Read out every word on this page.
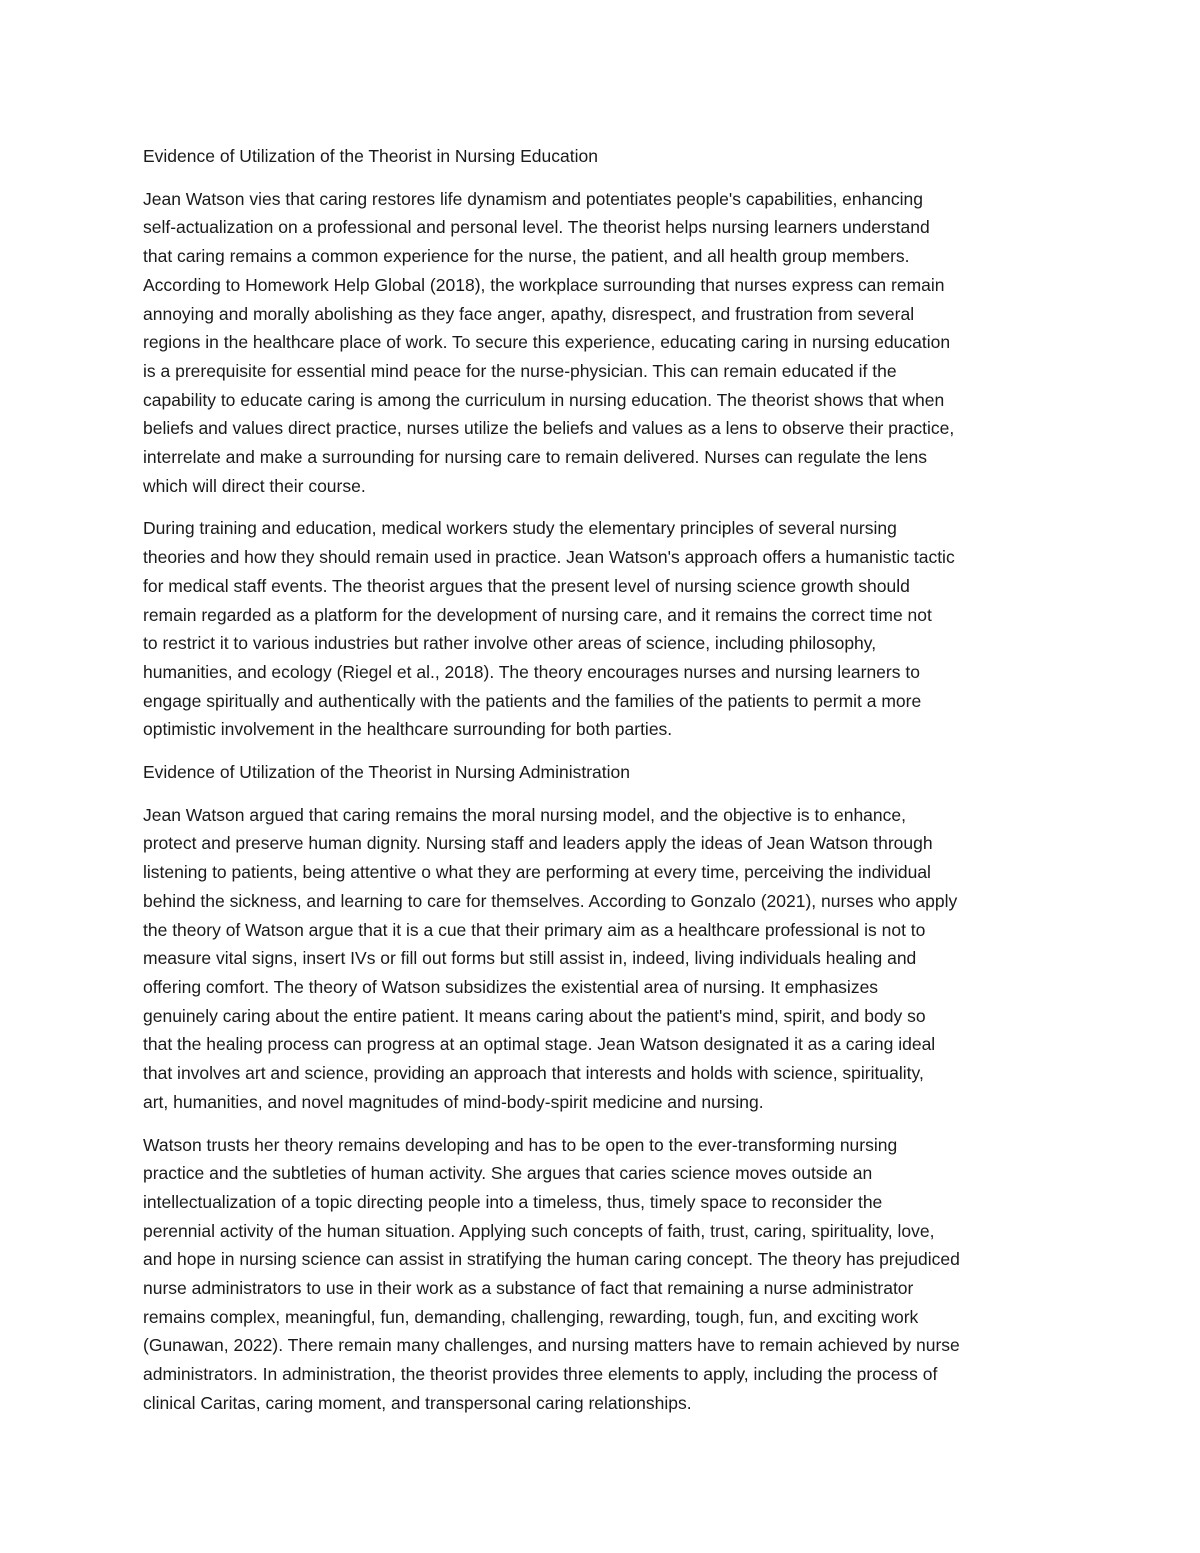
Evidence of Utilization of the Theorist in Nursing Education

Jean Watson vies that caring restores life dynamism and potentiates people's capabilities, enhancing
self-actualization on a professional and personal level. The theorist helps nursing learners understand
that caring remains a common experience for the nurse, the patient, and all health group members.
According to Homework Help Global (2018), the workplace surrounding that nurses express can remain
annoying and morally abolishing as they face anger, apathy, disrespect, and frustration from several
regions in the healthcare place of work. To secure this experience, educating caring in nursing education
is a prerequisite for essential mind peace for the nurse-physician. This can remain educated if the
capability to educate caring is among the curriculum in nursing education. The theorist shows that when
beliefs and values direct practice, nurses utilize the beliefs and values as a lens to observe their practice,
interrelate and make a surrounding for nursing care to remain delivered. Nurses can regulate the lens
which will direct their course.

During training and education, medical workers study the elementary principles of several nursing
theories and how they should remain used in practice. Jean Watson's approach offers a humanistic tactic
for medical staff events. The theorist argues that the present level of nursing science growth should
remain regarded as a platform for the development of nursing care, and it remains the correct time not
to restrict it to various industries but rather involve other areas of science, including philosophy,
humanities, and ecology (Riegel et al., 2018). The theory encourages nurses and nursing learners to
engage spiritually and authentically with the patients and the families of the patients to permit a more
optimistic involvement in the healthcare surrounding for both parties.

Evidence of Utilization of the Theorist in Nursing Administration

Jean Watson argued that caring remains the moral nursing model, and the objective is to enhance,
protect and preserve human dignity. Nursing staff and leaders apply the ideas of Jean Watson through
listening to patients, being attentive o what they are performing at every time, perceiving the individual
behind the sickness, and learning to care for themselves. According to Gonzalo (2021), nurses who apply
the theory of Watson argue that it is a cue that their primary aim as a healthcare professional is not to
measure vital signs, insert IVs or fill out forms but still assist in, indeed, living individuals healing and
offering comfort. The theory of Watson subsidizes the existential area of nursing. It emphasizes
genuinely caring about the entire patient. It means caring about the patient's mind, spirit, and body so
that the healing process can progress at an optimal stage. Jean Watson designated it as a caring ideal
that involves art and science, providing an approach that interests and holds with science, spirituality,
art, humanities, and novel magnitudes of mind-body-spirit medicine and nursing.

Watson trusts her theory remains developing and has to be open to the ever-transforming nursing
practice and the subtleties of human activity. She argues that caries science moves outside an
intellectualization of a topic directing people into a timeless, thus, timely space to reconsider the
perennial activity of the human situation. Applying such concepts of faith, trust, caring, spirituality, love,
and hope in nursing science can assist in stratifying the human caring concept. The theory has prejudiced
nurse administrators to use in their work as a substance of fact that remaining a nurse administrator
remains complex, meaningful, fun, demanding, challenging, rewarding, tough, fun, and exciting work
(Gunawan, 2022). There remain many challenges, and nursing matters have to remain achieved by nurse
administrators. In administration, the theorist provides three elements to apply, including the process of
clinical Caritas, caring moment, and transpersonal caring relationships.
